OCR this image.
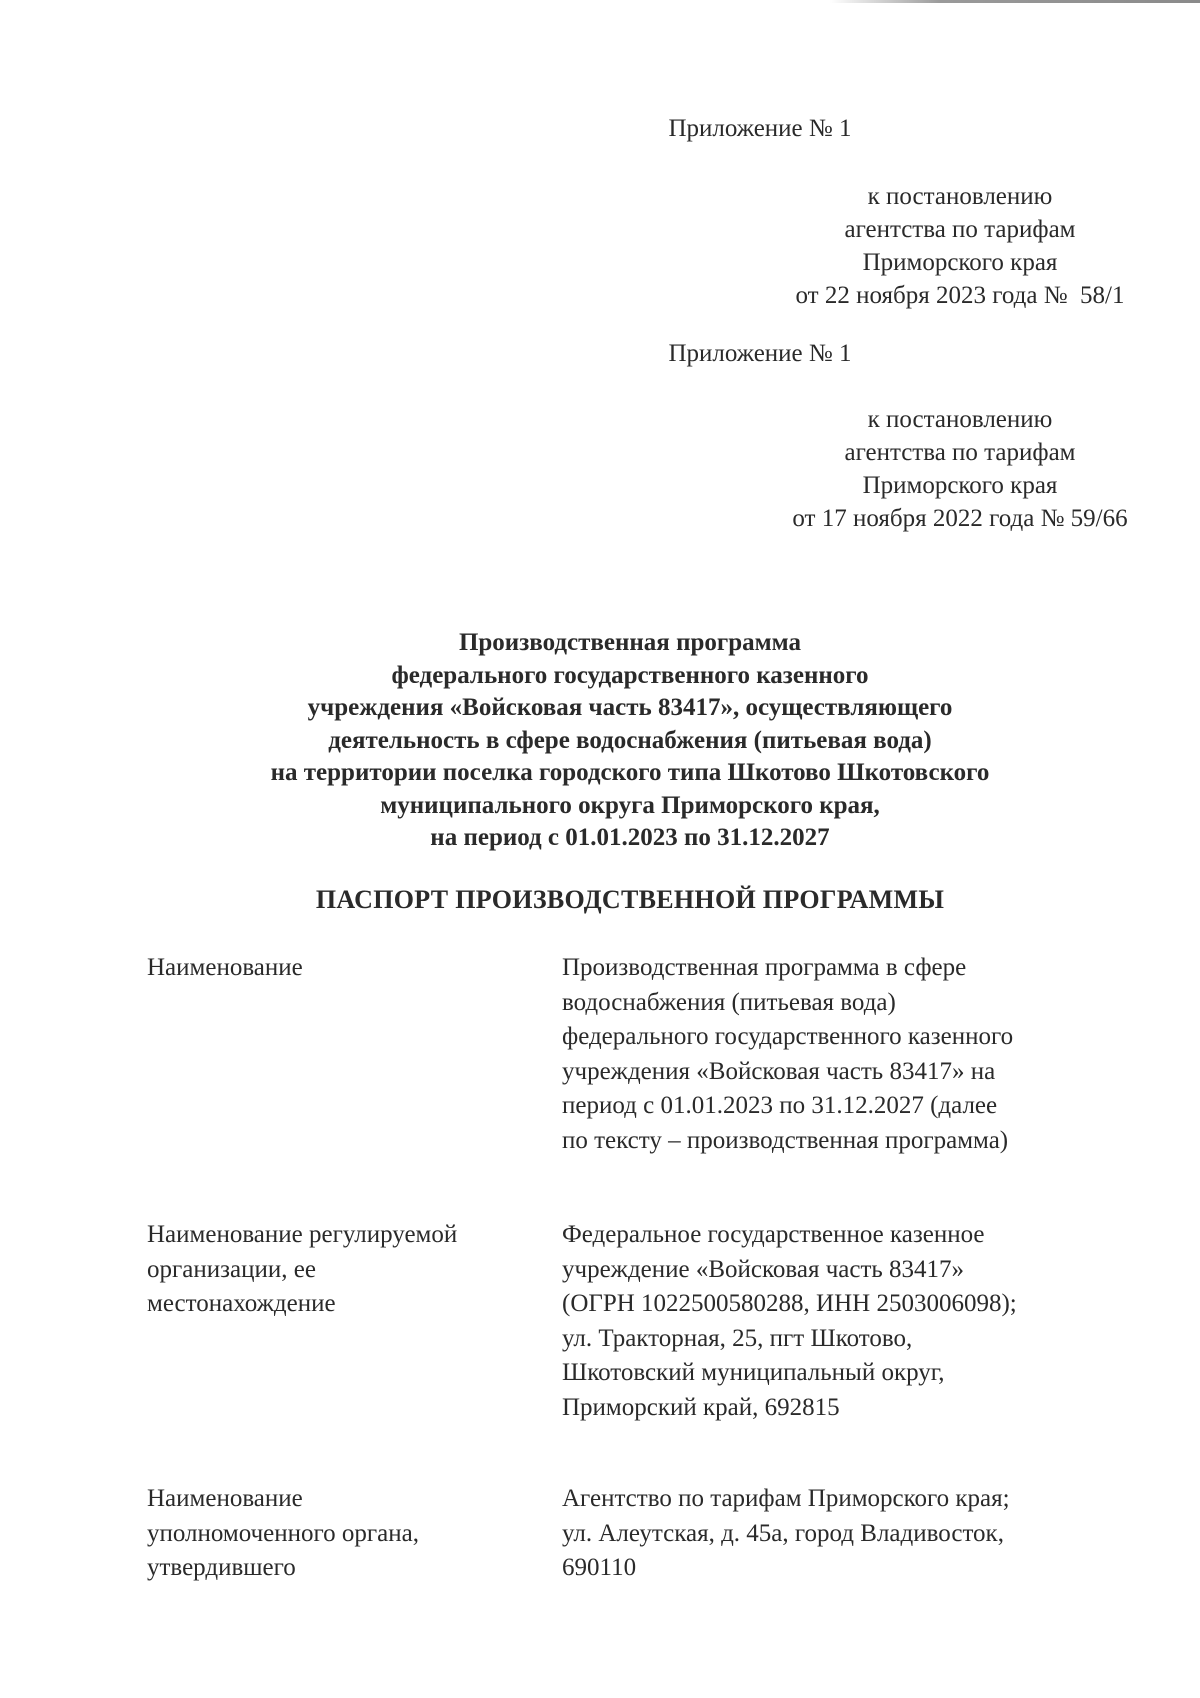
Приложение № 1

к постановлению

агентства по тарифам

Приморского края

от 22 ноября 2023 года №  58/1

Приложение № 1

к постановлению

агентства по тарифам

Приморского края

от 17 ноября 2022 года № 59/66

Производственная программа
федерального государственного казенного
учреждения «Войсковая часть 83417», осуществляющего
деятельность в сфере водоснабжения (питьевая вода)
на территории поселка городского типа Шкотово Шкотовского
муниципального округа Приморского края,
на период с 01.01.2023 по 31.12.2027
ПАСПОРТ ПРОИЗВОДСТВЕННОЙ ПРОГРАММЫ
Наименование	Производственная программа в сфере
водоснабжения (питьевая вода)
федерального государственного казенного
учреждения «Войсковая часть 83417» на
период с 01.01.2023 по 31.12.2027 (далее
по тексту – производственная программа)
Наименование регулируемой
организации, ее
местонахождение
Федеральное государственное казенное
учреждение «Войсковая часть 83417»
(ОГРН 1022500580288, ИНН 2503006098);
ул. Тракторная, 25, пгт Шкотово,
Шкотовский муниципальный округ,
Приморский край, 692815
Наименование
уполномоченного органа,
утвердившего
Агентство по тарифам Приморского края;
ул. Алеутская, д. 45а, город Владивосток,
690110
